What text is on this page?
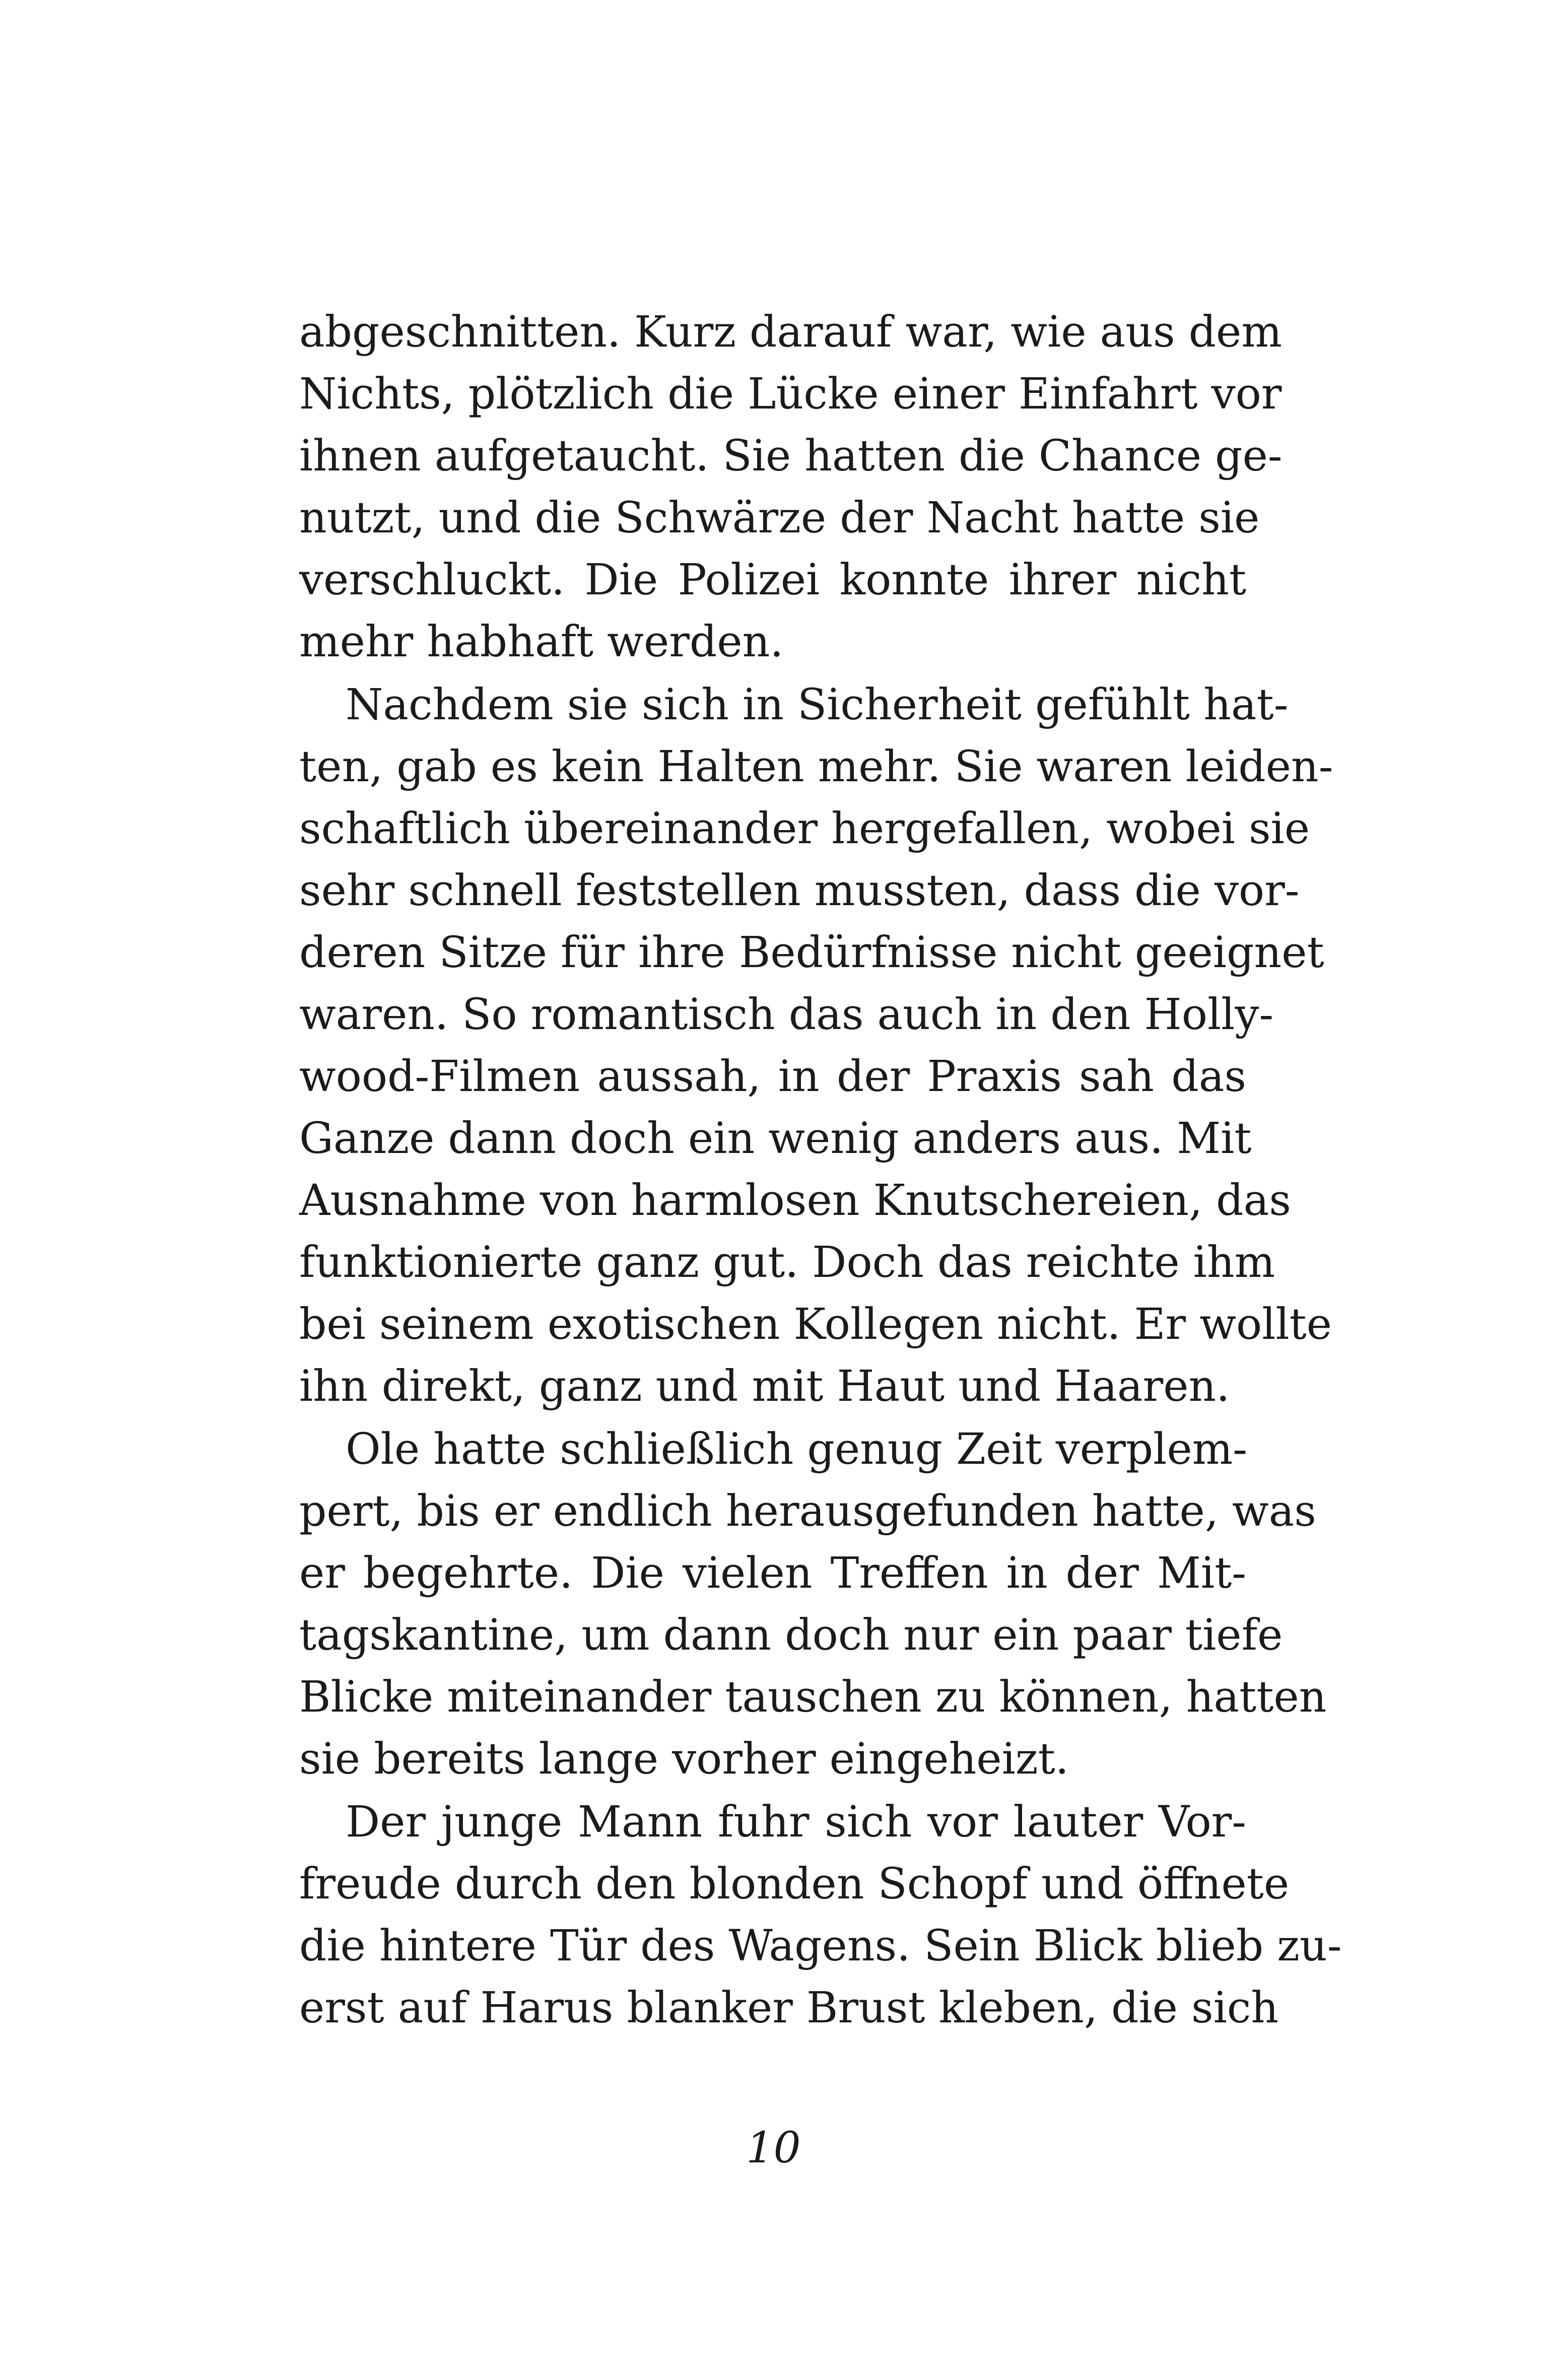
abgeschnitten. Kurz darauf war, wie aus dem
Nichts, plötzlich die Lücke einer Einfahrt vor
ihnen aufgetaucht. Sie hatten die Chance ge-
nutzt, und die Schwärze der Nacht hatte sie
verschluckt. Die Polizei konnte ihrer nicht
mehr habhaft werden.
Nachdem sie sich in Sicherheit gefühlt hat-
ten, gab es kein Halten mehr. Sie waren leiden-
schaftlich übereinander hergefallen, wobei sie
sehr schnell feststellen mussten, dass die vor-
deren Sitze für ihre Bedürfnisse nicht geeignet
waren. So romantisch das auch in den Holly-
wood-Filmen aussah, in der Praxis sah das
Ganze dann doch ein wenig anders aus. Mit
Ausnahme von harmlosen Knutschereien, das
funktionierte ganz gut. Doch das reichte ihm
bei seinem exotischen Kollegen nicht. Er wollte
ihn direkt, ganz und mit Haut und Haaren.
Ole hatte schließlich genug Zeit verplem-
pert, bis er endlich herausgefunden hatte, was
er begehrte. Die vielen Treffen in der Mit-
tagskantine, um dann doch nur ein paar tiefe
Blicke miteinander tauschen zu können, hatten
sie bereits lange vorher eingeheizt.
Der junge Mann fuhr sich vor lauter Vor-
freude durch den blonden Schopf und öffnete
die hintere Tür des Wagens. Sein Blick blieb zu-
erst auf Harus blanker Brust kleben, die sich
10
